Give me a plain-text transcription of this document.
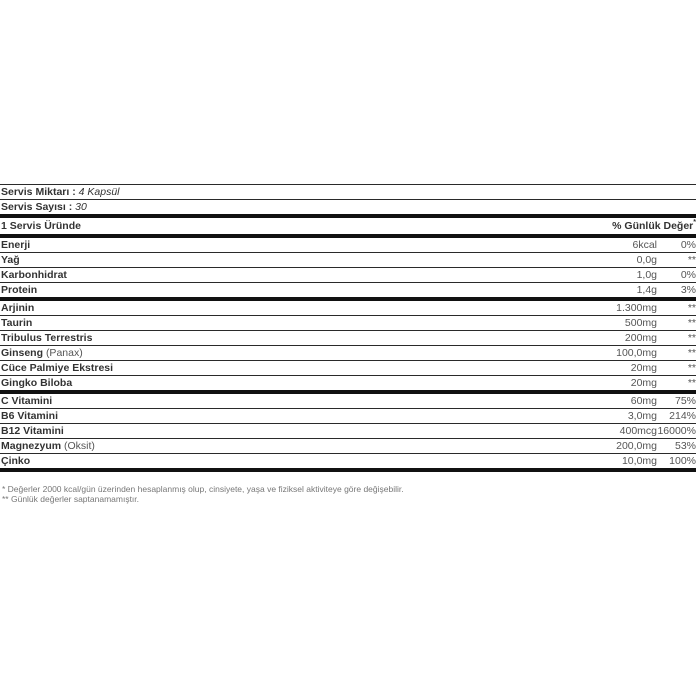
Servis Miktarı : 4 Kapsül
Servis Sayısı : 30
1 Servis Üründe	% Günlük Değer*
Enerji	6kcal 0%
Yağ	0,0g	**
Karbonhidrat	1,0g 0%
Protein	1,4g 3%
Arjinin	1.300mg	**
Taurin	500mg	**
Tribulus Terrestris	200mg	**
Ginseng (Panax)	100,0mg	**
Cüce Palmiye Ekstresi	20mg	**
Gingko Biloba	20mg	**
C Vitamini	60mg 75%
B6 Vitamini	3,0mg 214%
B12 Vitamini	400mcg 16000%
Magnezyum (Oksit)	200,0mg 53%
Çinko	10,0mg 100%
* Değerler 2000 kcal/gün üzerinden hesaplanmış olup, cinsiyete, yaşa ve fiziksel aktiviteye göre değişebilir.
** Günlük değerler saptanamamıştır.
